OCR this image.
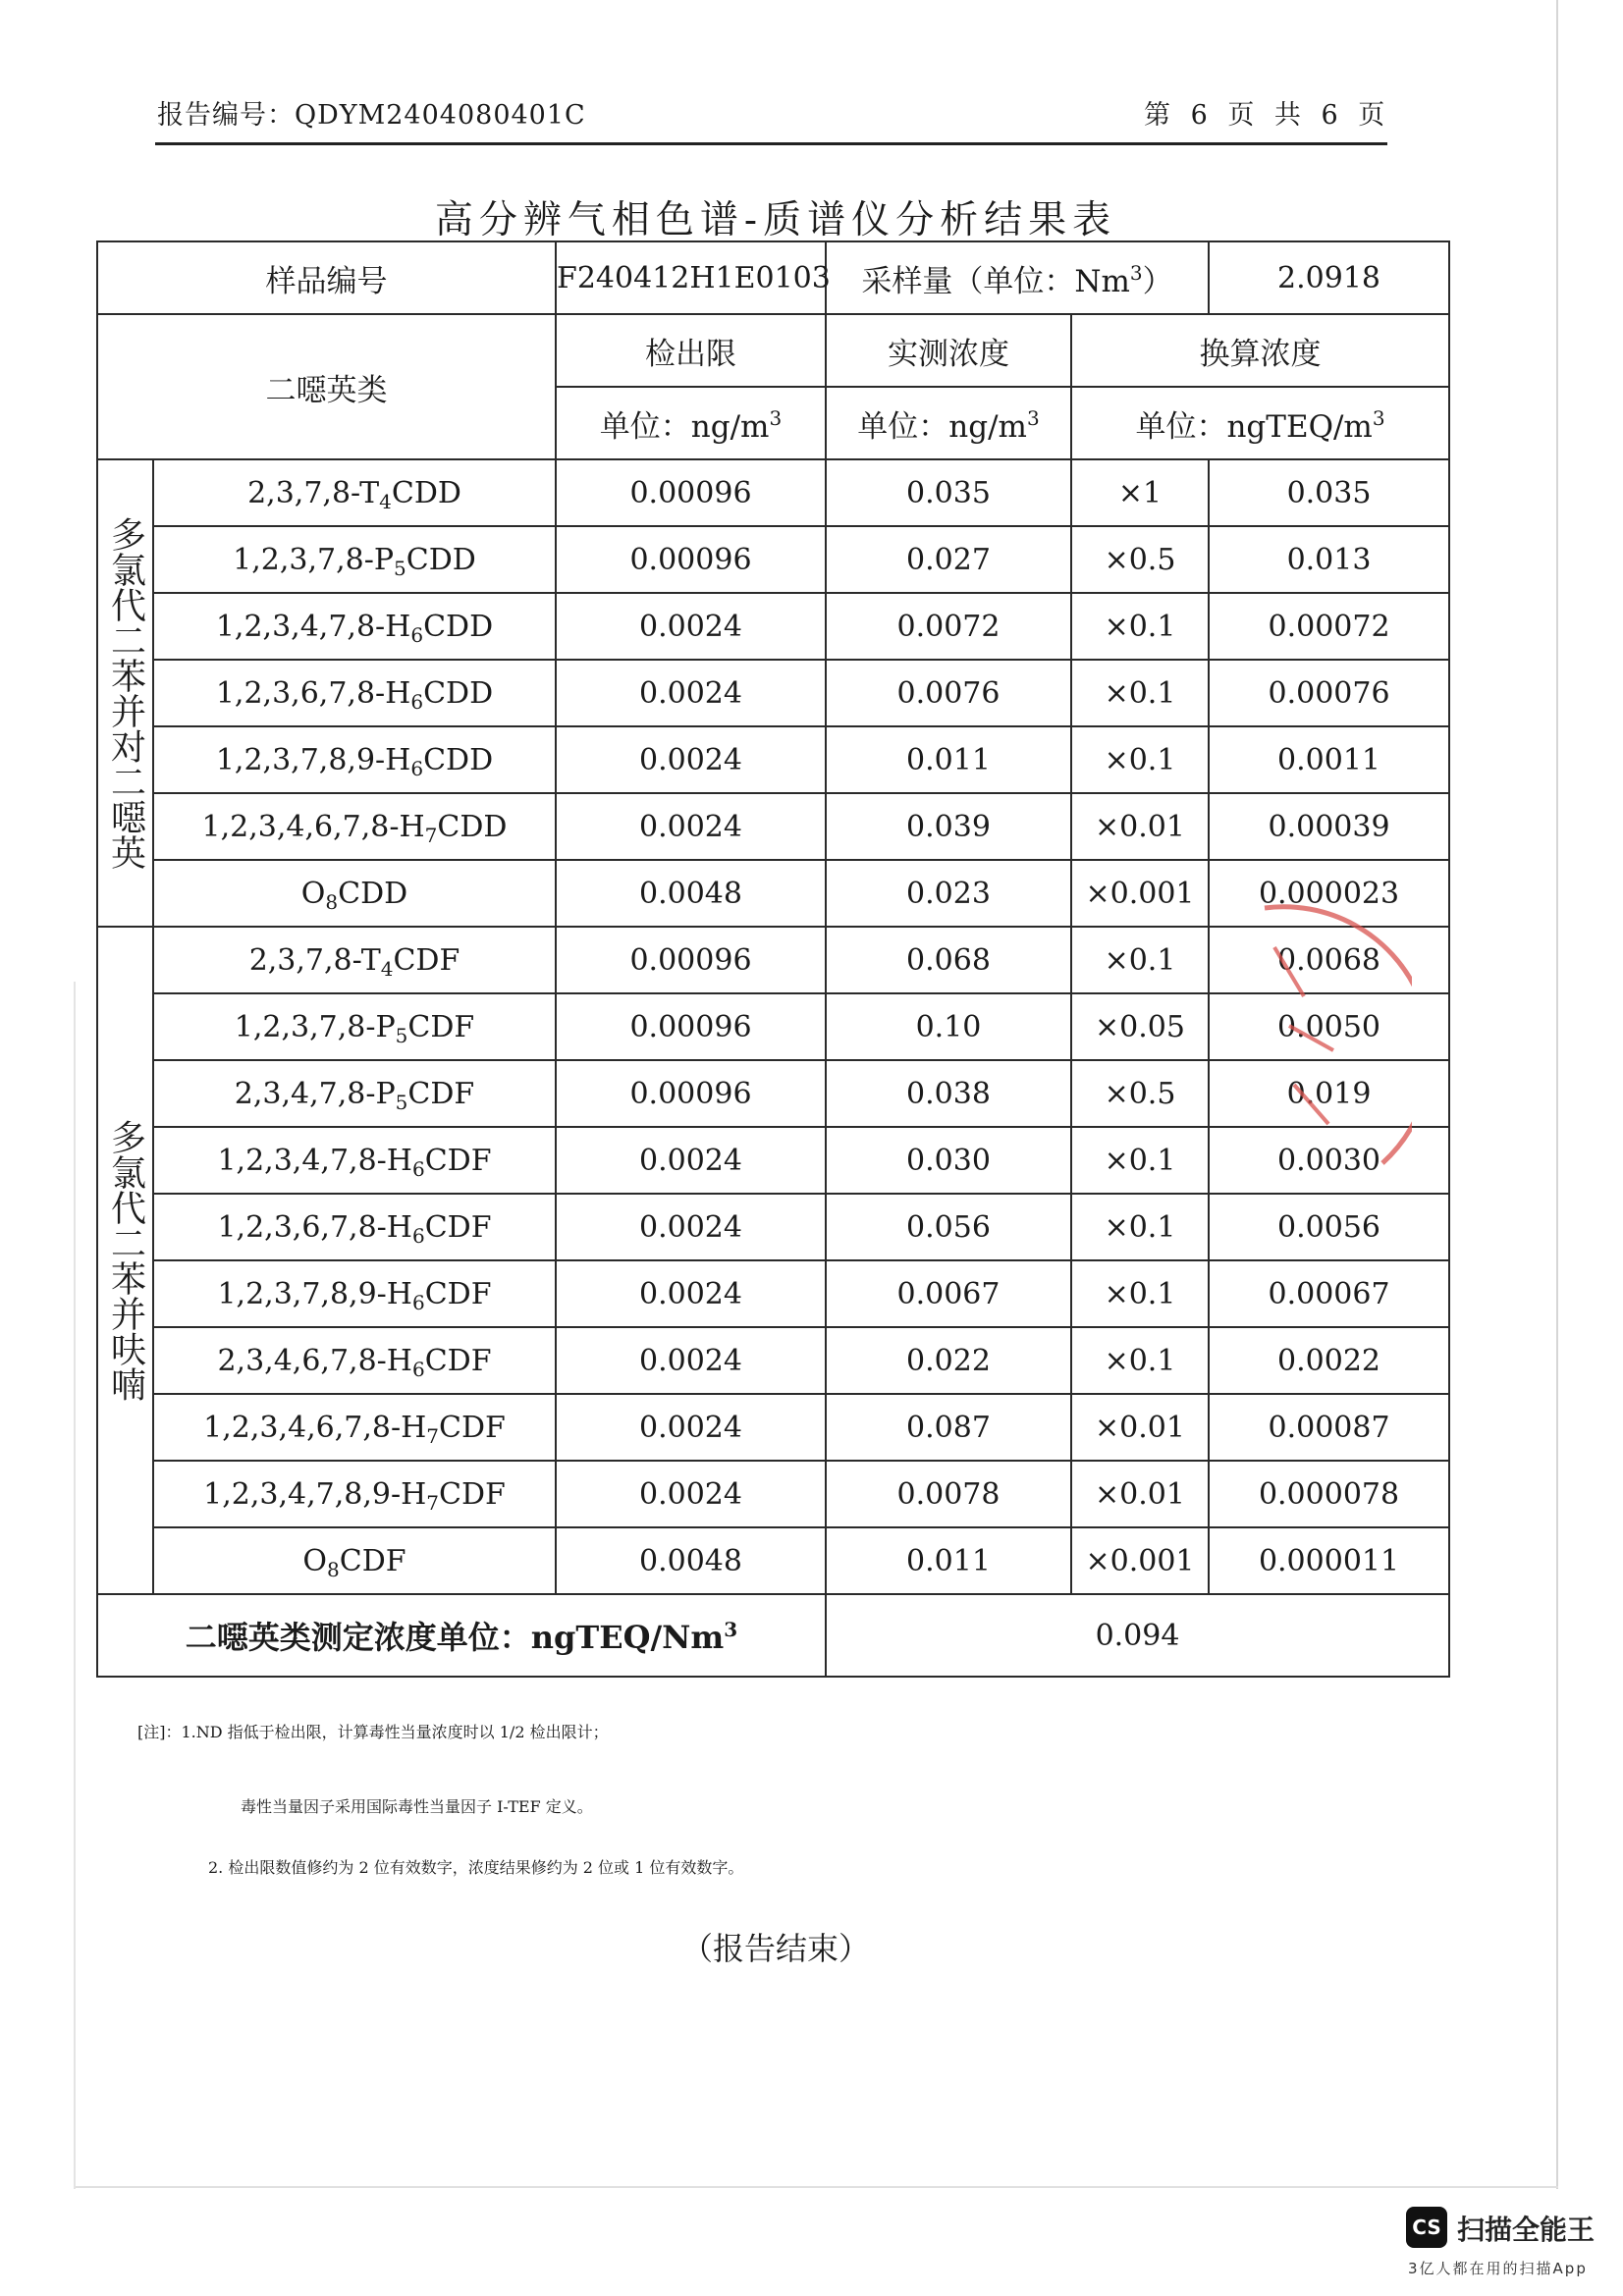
报告编号：QDYM2404080401C	第 6 页 共 6 页
高分辨气相色谱-质谱仪分析结果表
样品编号		F240412H1E0103	采样量（单位：Nm$^3$）		2.0918
二噁英类		检出限	实测浓度	换算浓度	
		单位：$ng/m^3$	单位：$ng/m^3$	单位：ngTEQ/$m^3$

多氯代二苯并对二噁英	$2,3,7,8-T_4CDD$	0.00096	0.035	×1	0.035
	$1,2,3,7,8-P_5CDD$	0.00096	0.027	×0.5	0.013
	$1,2,3,4,7,8-H_6CDD$	0.0024	0.0072	×0.1	0.00072
	$1,2,3,6,7,8-H_6CDD$	0.0024	0.0076	×0.1	0.00076
	$1,2,3,7,8,9-H_6CDD$	0.0024	0.011	×0.1	0.0011
	$1,2,3,4,6,7,8-H_7CDD$	0.0024	0.039	×0.01	0.00039
	$O_8CDD$	0.0048	0.023	×0.001	0.000023

多氯代二苯并呋喃	$2,3,7,8-T_4CDF$	0.00096	0.068	×0.1	0.0068
	$1,2,3,7,8-P_5CDF$	0.00096	0.10	×0.05	0.0050
	$2,3,4,7,8-P_5CDF$	0.00096	0.038	×0.5	0.019
	$1,2,3,4,7,8-H_6CDF$	0.0024	0.030	×0.1	0.0030
	$1,2,3,6,7,8-H_6CDF$	0.0024	0.056	×0.1	0.0056
	$1,2,3,7,8,9-H_6CDF$	0.0024	0.0067	×0.1	0.00067
	$2,3,4,6,7,8-H_6CDF$	0.0024	0.022	×0.1	0.0022
	$1,2,3,4,6,7,8-H_7CDF$	0.0024	0.087	×0.01	0.00087
	$1,2,3,4,7,8,9-H_7CDF$	0.0024	0.0078	×0.01	0.000078
	$O_8CDF$	0.0048	0.011	×0.001	0.000011
二噁英类测定浓度单位：ngTEQ/Nm$^3$			0.094		
[注]：1.ND 指低于检出限，计算毒性当量浓度时以 1/2 检出限计；
毒性当量因子采用国际毒性当量因子 I-TEF 定义。
2. 检出限数值修约为 2 位有效数字，浓度结果修约为 2 位或 1 位有效数字。
（报告结束）
CS 扫描全能王
3亿人都在用的扫描App
